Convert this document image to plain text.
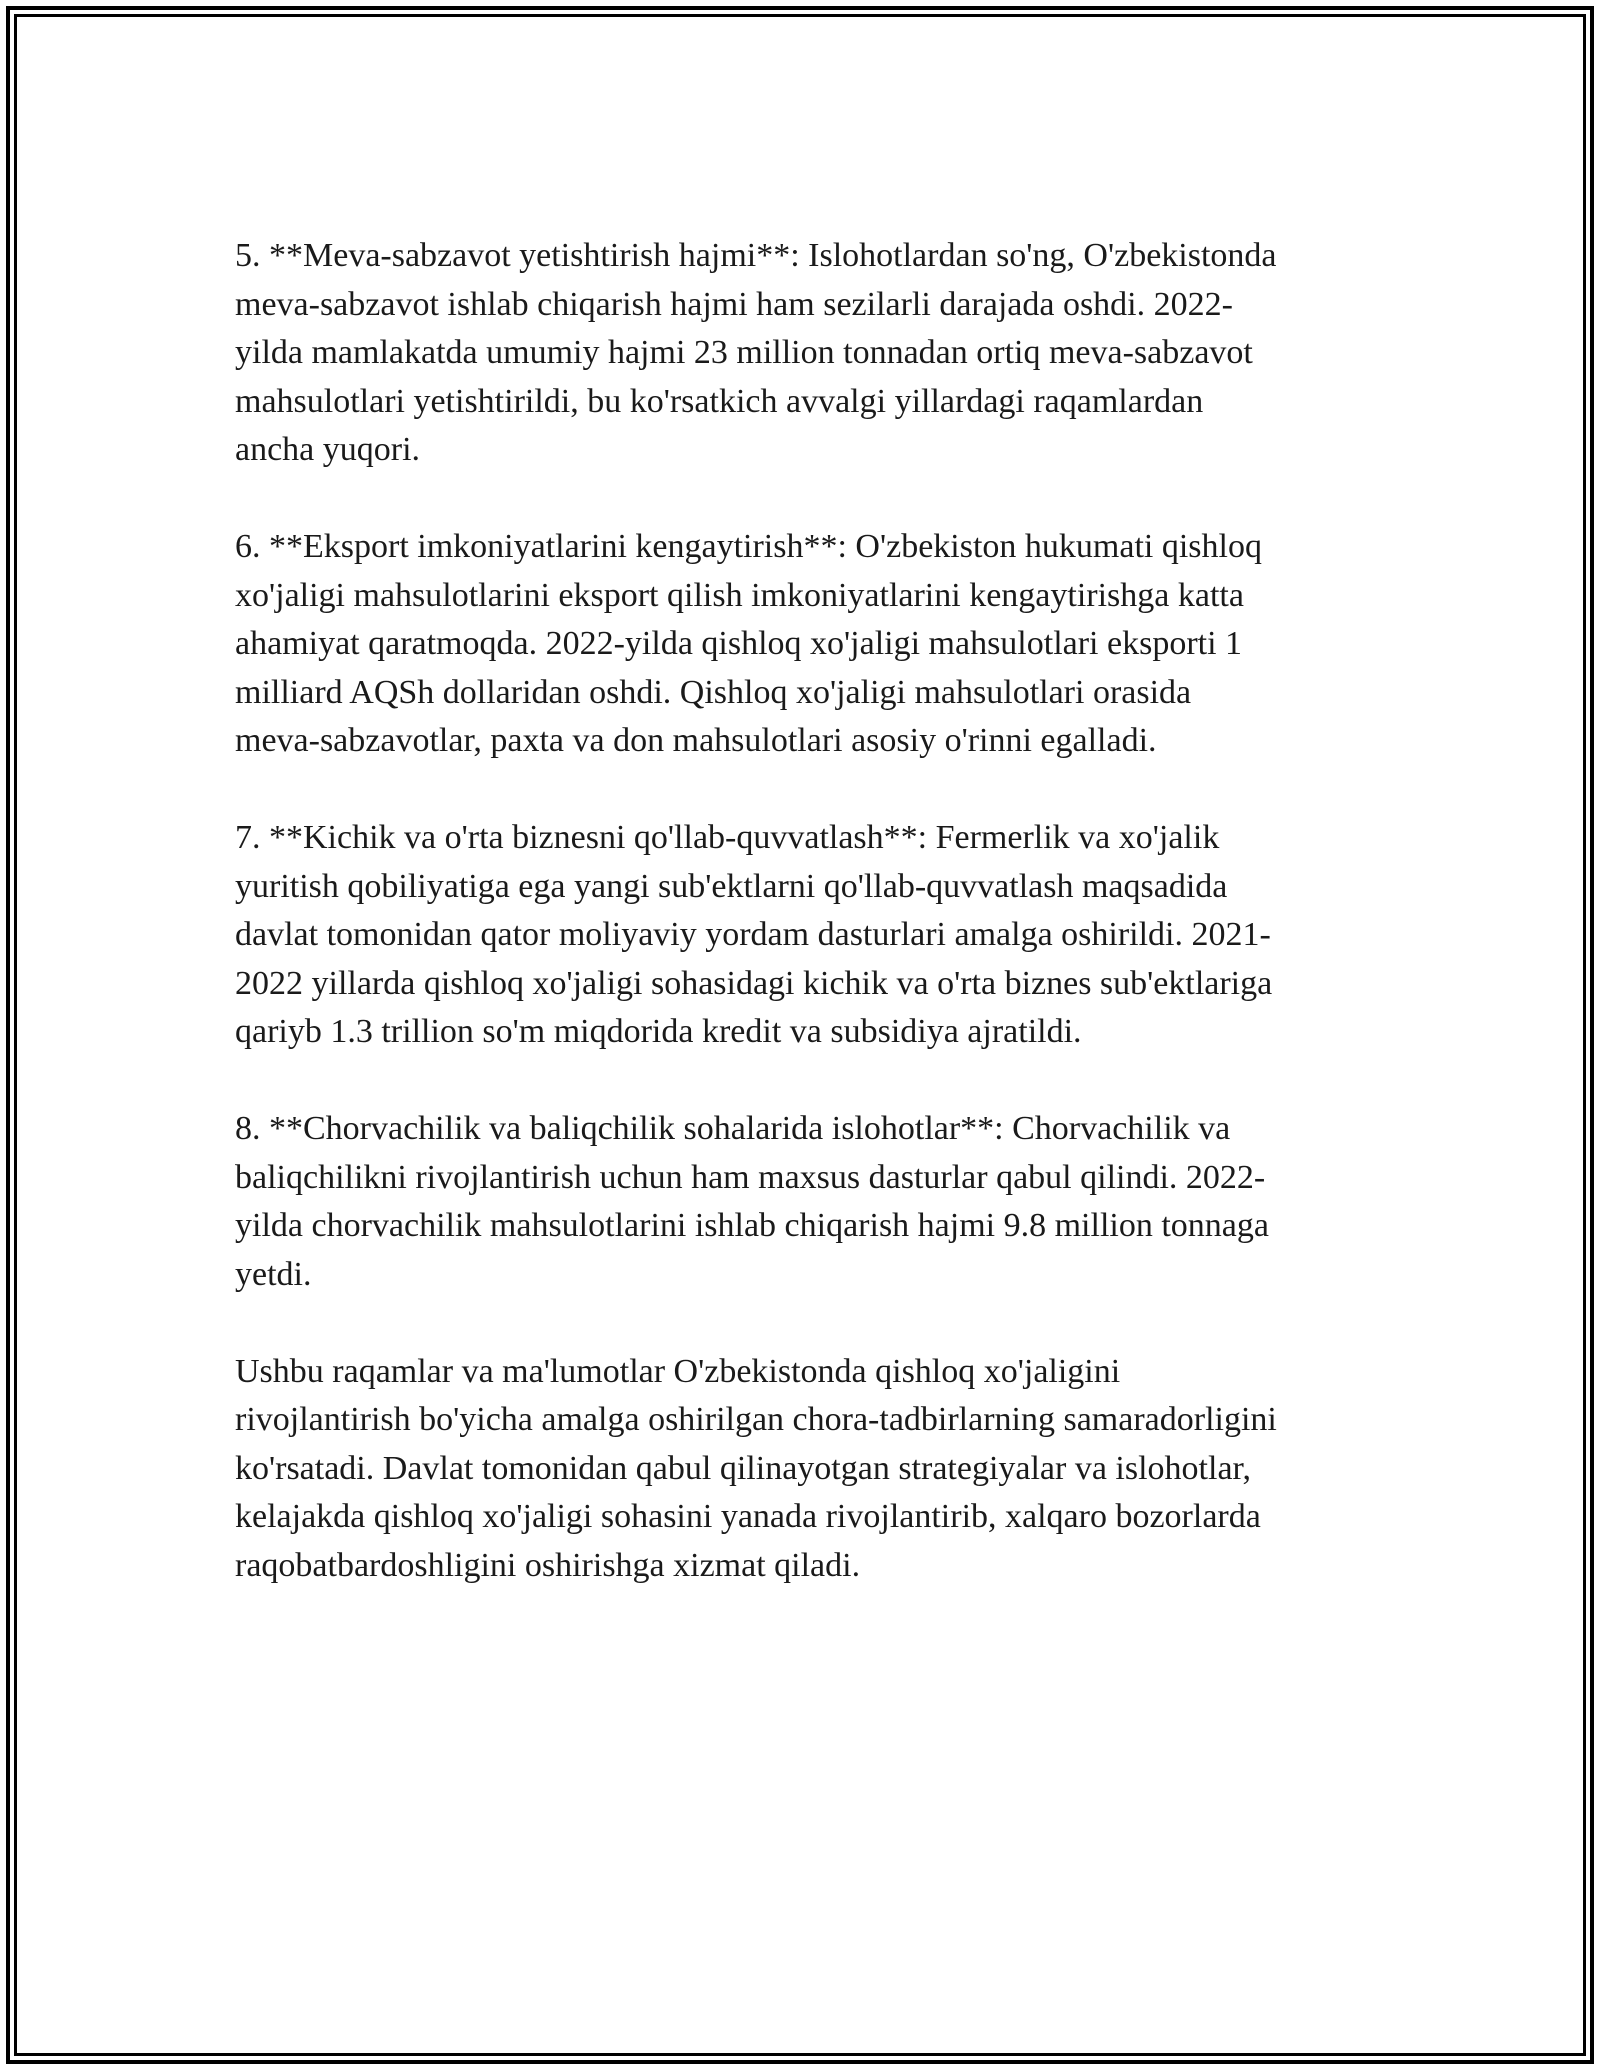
5. **Meva-sabzavot yetishtirish hajmi**: Islohotlardan so'ng, O'zbekistonda
meva-sabzavot ishlab chiqarish hajmi ham sezilarli darajada oshdi. 2022-
yilda mamlakatda umumiy hajmi 23 million tonnadan ortiq meva-sabzavot
mahsulotlari yetishtirildi, bu ko'rsatkich avvalgi yillardagi raqamlardan
ancha yuqori.

6. **Eksport imkoniyatlarini kengaytirish**: O'zbekiston hukumati qishloq
xo'jaligi mahsulotlarini eksport qilish imkoniyatlarini kengaytirishga katta
ahamiyat qaratmoqda. 2022-yilda qishloq xo'jaligi mahsulotlari eksporti 1
milliard AQSh dollaridan oshdi. Qishloq xo'jaligi mahsulotlari orasida
meva-sabzavotlar, paxta va don mahsulotlari asosiy o'rinni egalladi.

7. **Kichik va o'rta biznesni qo'llab-quvvatlash**: Fermerlik va xo'jalik
yuritish qobiliyatiga ega yangi sub'ektlarni qo'llab-quvvatlash maqsadida
davlat tomonidan qator moliyaviy yordam dasturlari amalga oshirildi. 2021-
2022 yillarda qishloq xo'jaligi sohasidagi kichik va o'rta biznes sub'ektlariga
qariyb 1.3 trillion so'm miqdorida kredit va subsidiya ajratildi.

8. **Chorvachilik va baliqchilik sohalarida islohotlar**: Chorvachilik va
baliqchilikni rivojlantirish uchun ham maxsus dasturlar qabul qilindi. 2022-
yilda chorvachilik mahsulotlarini ishlab chiqarish hajmi 9.8 million tonnaga
yetdi.

Ushbu raqamlar va ma'lumotlar O'zbekistonda qishloq xo'jaligini
rivojlantirish bo'yicha amalga oshirilgan chora-tadbirlarning samaradorligini
ko'rsatadi. Davlat tomonidan qabul qilinayotgan strategiyalar va islohotlar,
kelajakda qishloq xo'jaligi sohasini yanada rivojlantirib, xalqaro bozorlarda
raqobatbardoshligini oshirishga xizmat qiladi.
